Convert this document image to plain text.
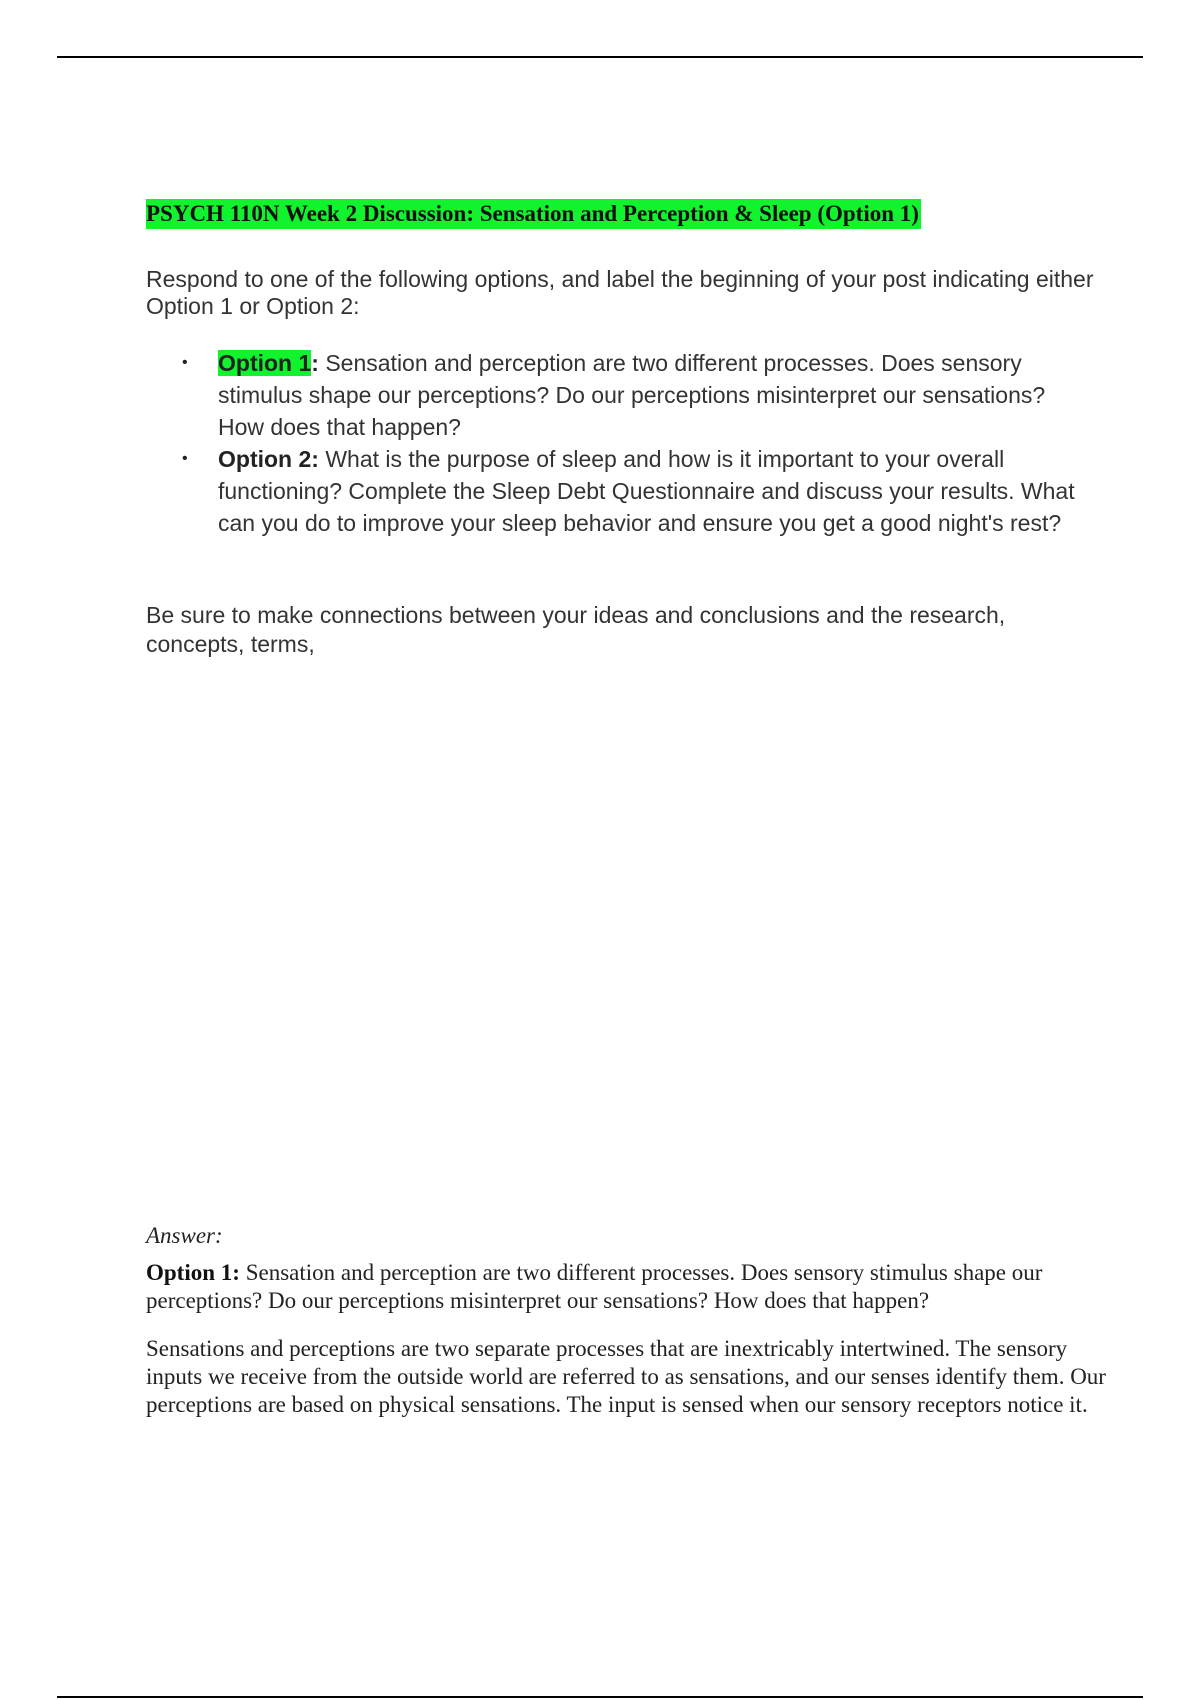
PSYCH 110N Week 2 Discussion: Sensation and Perception & Sleep (Option 1)

Respond to one of the following options, and label the beginning of your post indicating either Option 1 or Option 2:

• Option 1: Sensation and perception are two different processes. Does sensory stimulus shape our perceptions? Do our perceptions misinterpret our sensations? How does that happen?
• Option 2: What is the purpose of sleep and how is it important to your overall functioning? Complete the Sleep Debt Questionnaire and discuss your results. What can you do to improve your sleep behavior and ensure you get a good night's rest?

Be sure to make connections between your ideas and conclusions and the research, concepts, terms,

Answer:

Option 1: Sensation and perception are two different processes. Does sensory stimulus shape our perceptions? Do our perceptions misinterpret our sensations? How does that happen?

Sensations and perceptions are two separate processes that are inextricably intertwined. The sensory inputs we receive from the outside world are referred to as sensations, and our senses identify them. Our perceptions are based on physical sensations. The input is sensed when our sensory receptors notice it.
